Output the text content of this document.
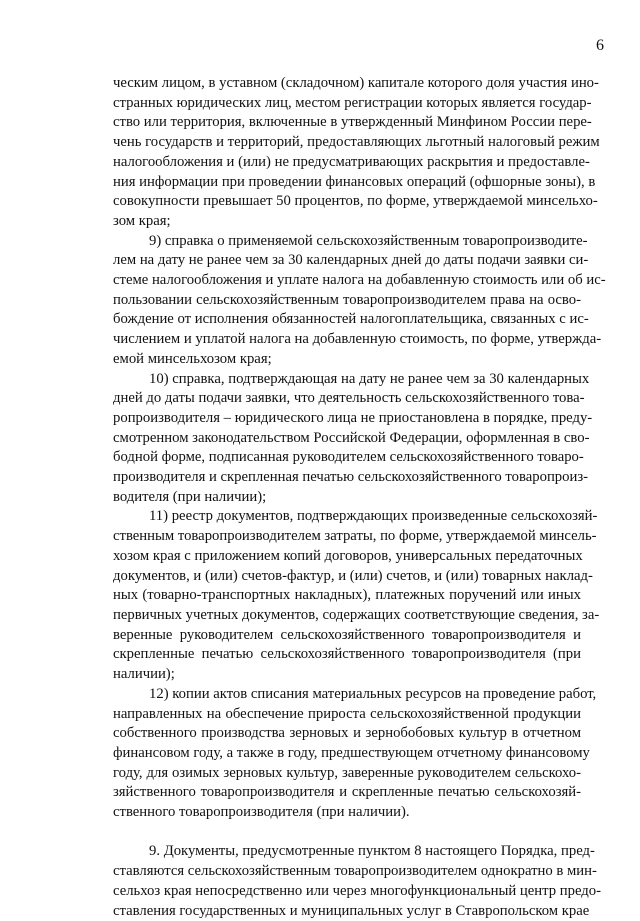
6
ческим лицом, в уставном (складочном) капитале которого доля участия ино-
странных юридических лиц, местом регистрации которых является государ-
ство или территория, включенные в утвержденный Минфином России пере-
чень государств и территорий, предоставляющих льготный налоговый режим
налогообложения и (или) не предусматривающих раскрытия и предоставле-
ния информации при проведении финансовых операций (офшорные зоны), в
совокупности превышает 50 процентов, по форме, утверждаемой минсельхо-
зом края;
9) справка о применяемой сельскохозяйственным товаропроизводите-
лем на дату не ранее чем за 30 календарных дней до даты подачи заявки си-
стеме налогообложения и уплате налога на добавленную стоимость или об ис-
пользовании сельскохозяйственным товаропроизводителем права на осво-
бождение от исполнения обязанностей налогоплательщика, связанных с ис-
числением и уплатой налога на добавленную стоимость, по форме, утвержда-
емой минсельхозом края;
10) справка, подтверждающая на дату не ранее чем за 30 календарных
дней до даты подачи заявки, что деятельность сельскохозяйственного това-
ропроизводителя – юридического лица не приостановлена в порядке, преду-
смотренном законодательством Российской Федерации, оформленная в сво-
бодной форме, подписанная руководителем сельскохозяйственного товаро-
производителя и скрепленная печатью сельскохозяйственного товаропроиз-
водителя (при наличии);
11) реестр документов, подтверждающих произведенные сельскохозяй-
ственным товаропроизводителем затраты, по форме, утверждаемой минсель-
хозом края с приложением копий договоров, универсальных передаточных
документов, и (или) счетов-фактур, и (или) счетов, и (или) товарных наклад-
ных (товарно-транспортных накладных), платежных поручений или иных
первичных учетных документов, содержащих соответствующие сведения, за-
веренные руководителем сельскохозяйственного товаропроизводителя и
скрепленные печатью сельскохозяйственного товаропроизводителя (при
наличии);
12) копии актов списания материальных ресурсов на проведение работ,
направленных на обеспечение прироста сельскохозяйственной продукции
собственного производства зерновых и зернобобовых культур в отчетном
финансовом году, а также в году, предшествующем отчетному финансовому
году, для озимых зерновых культур, заверенные руководителем сельскохо-
зяйственного товаропроизводителя и скрепленные печатью сельскохозяй-
ственного товаропроизводителя (при наличии).
9. Документы, предусмотренные пунктом 8 настоящего Порядка, пред-
ставляются сельскохозяйственным товаропроизводителем однократно в мин-
сельхоз края непосредственно или через многофункциональный центр предо-
ставления государственных и муниципальных услуг в Ставропольском крае
